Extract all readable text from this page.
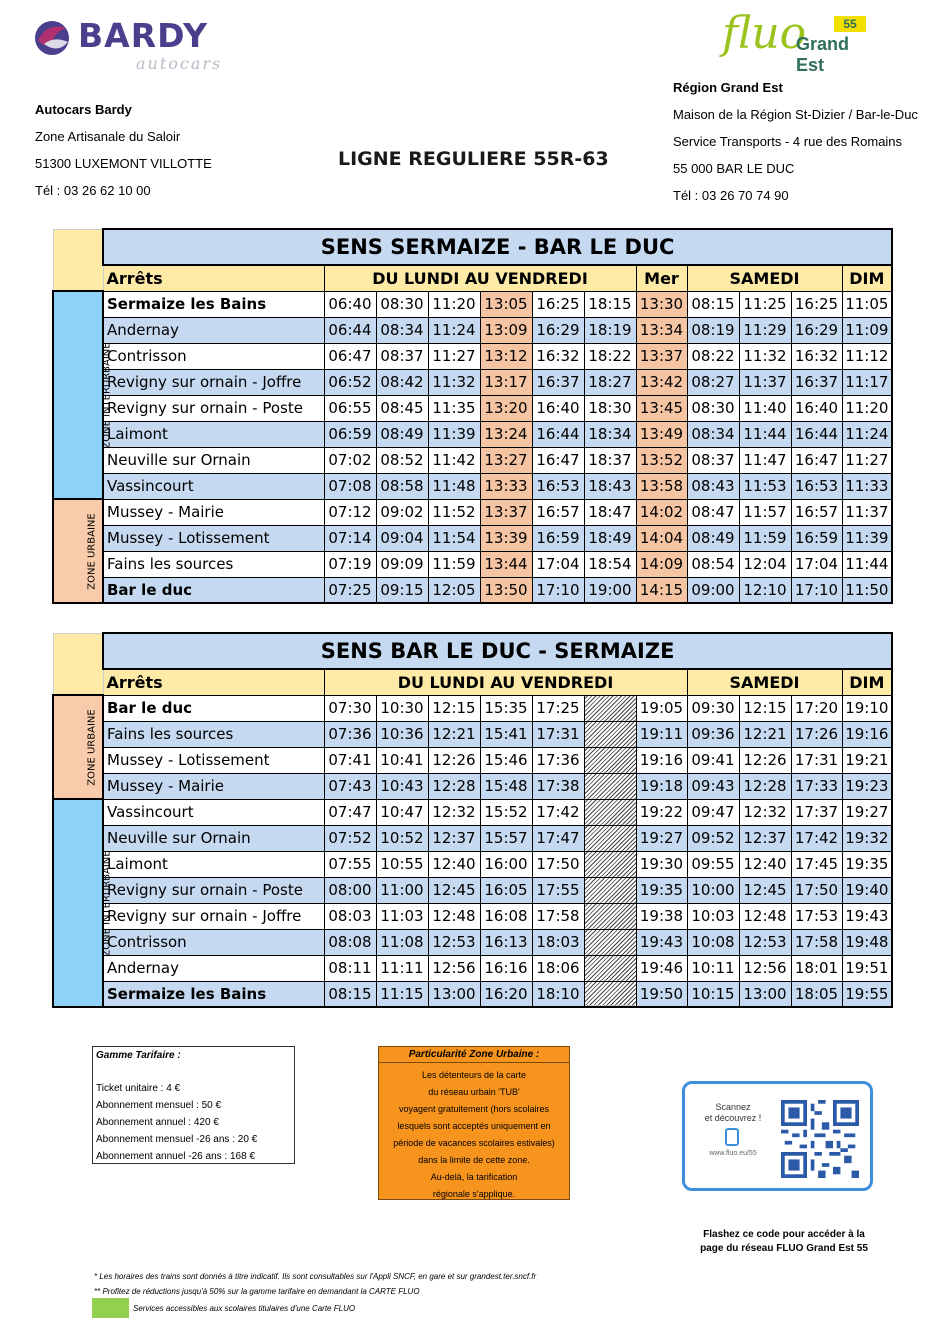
BARDY
autocars
fluo
Grand Est
55
Autocars Bardy
Zone Artisanale du Saloir
51300 LUXEMONT VILLOTTE
Tél : 03 26 62 10 00
LIGNE REGULIERE 55R-63
Région Grand Est
Maison de la Région St-Dizier / Bar-le-Duc
Service Transports - 4 rue des Romains
55 000 BAR LE DUC
Tél : 03 26 70 74 90
	SENS SERMAIZE - BAR LE DUC											
	Arrêts	DU LUNDI AU VENDREDI						Mer	SAMEDI			DIM
ZONE INTERURBAINE	Sermaize les Bains	06:40	08:30	11:20	13:05	16:25	18:15	13:30	08:15	11:25	16:25	11:05
	Andernay	06:44	08:34	11:24	13:09	16:29	18:19	13:34	08:19	11:29	16:29	11:09
	Contrisson	06:47	08:37	11:27	13:12	16:32	18:22	13:37	08:22	11:32	16:32	11:12
	Revigny sur ornain - Joffre	06:52	08:42	11:32	13:17	16:37	18:27	13:42	08:27	11:37	16:37	11:17
	Revigny sur ornain - Poste	06:55	08:45	11:35	13:20	16:40	18:30	13:45	08:30	11:40	16:40	11:20
	Laimont	06:59	08:49	11:39	13:24	16:44	18:34	13:49	08:34	11:44	16:44	11:24
	Neuville sur Ornain	07:02	08:52	11:42	13:27	16:47	18:37	13:52	08:37	11:47	16:47	11:27
	Vassincourt	07:08	08:58	11:48	13:33	16:53	18:43	13:58	08:43	11:53	16:53	11:33
ZONE URBAINE	Mussey - Mairie	07:12	09:02	11:52	13:37	16:57	18:47	14:02	08:47	11:57	16:57	11:37
	Mussey - Lotissement	07:14	09:04	11:54	13:39	16:59	18:49	14:04	08:49	11:59	16:59	11:39
	Fains les sources	07:19	09:09	11:59	13:44	17:04	18:54	14:09	08:54	12:04	17:04	11:44
	Bar le duc	07:25	09:15	12:05	13:50	17:10	19:00	14:15	09:00	12:10	17:10	11:50
	SENS BAR LE DUC - SERMAIZE											
	Arrêts	DU LUNDI AU VENDREDI							SAMEDI			DIM
ZONE URBAINE	Bar le duc	07:30	10:30	12:15	15:35	17:25		19:05	09:30	12:15	17:20	19:10
	Fains les sources	07:36	10:36	12:21	15:41	17:31		19:11	09:36	12:21	17:26	19:16
	Mussey - Lotissement	07:41	10:41	12:26	15:46	17:36		19:16	09:41	12:26	17:31	19:21
	Mussey - Mairie	07:43	10:43	12:28	15:48	17:38		19:18	09:43	12:28	17:33	19:23
ZONE INTERURBAINE	Vassincourt	07:47	10:47	12:32	15:52	17:42		19:22	09:47	12:32	17:37	19:27
	Neuville sur Ornain	07:52	10:52	12:37	15:57	17:47		19:27	09:52	12:37	17:42	19:32
	Laimont	07:55	10:55	12:40	16:00	17:50		19:30	09:55	12:40	17:45	19:35
	Revigny sur ornain - Poste	08:00	11:00	12:45	16:05	17:55		19:35	10:00	12:45	17:50	19:40
	Revigny sur ornain - Joffre	08:03	11:03	12:48	16:08	17:58		19:38	10:03	12:48	17:53	19:43
	Contrisson	08:08	11:08	12:53	16:13	18:03		19:43	10:08	12:53	17:58	19:48
	Andernay	08:11	11:11	12:56	16:16	18:06		19:46	10:11	12:56	18:01	19:51
	Sermaize les Bains	08:15	11:15	13:00	16:20	18:10		19:50	10:15	13:00	18:05	19:55
Gamme Tarifaire :
Ticket unitaire : 4 €
Abonnement mensuel : 50 €
Abonnement annuel : 420 €
Abonnement mensuel -26 ans : 20 €
Abonnement annuel -26 ans : 168 €
Particularité Zone Urbaine :
Les détenteurs de la carte
du réseau urbain 'TUB'
voyagent gratuitement (hors scolaires
lesquels sont acceptés uniquement en
période de vacances scolaires estivales)
dans la limite de cette zone.
Au-delà, la tarification
régionale s'applique.
Scannez
et découvrez !
www.fluo.eu/55
Flashez ce code pour accéder à la
page du réseau FLUO Grand Est 55
* Les horaires des trains sont donnés à titre indicatif. Ils sont consultables sur l'Appli SNCF, en gare et sur grandest.ter.sncf.fr
** Profitez de réductions jusqu'à 50% sur la gamme tarifaire en demandant la CARTE FLUO
Services accessibles aux scolaires titulaires d'une Carte FLUO
